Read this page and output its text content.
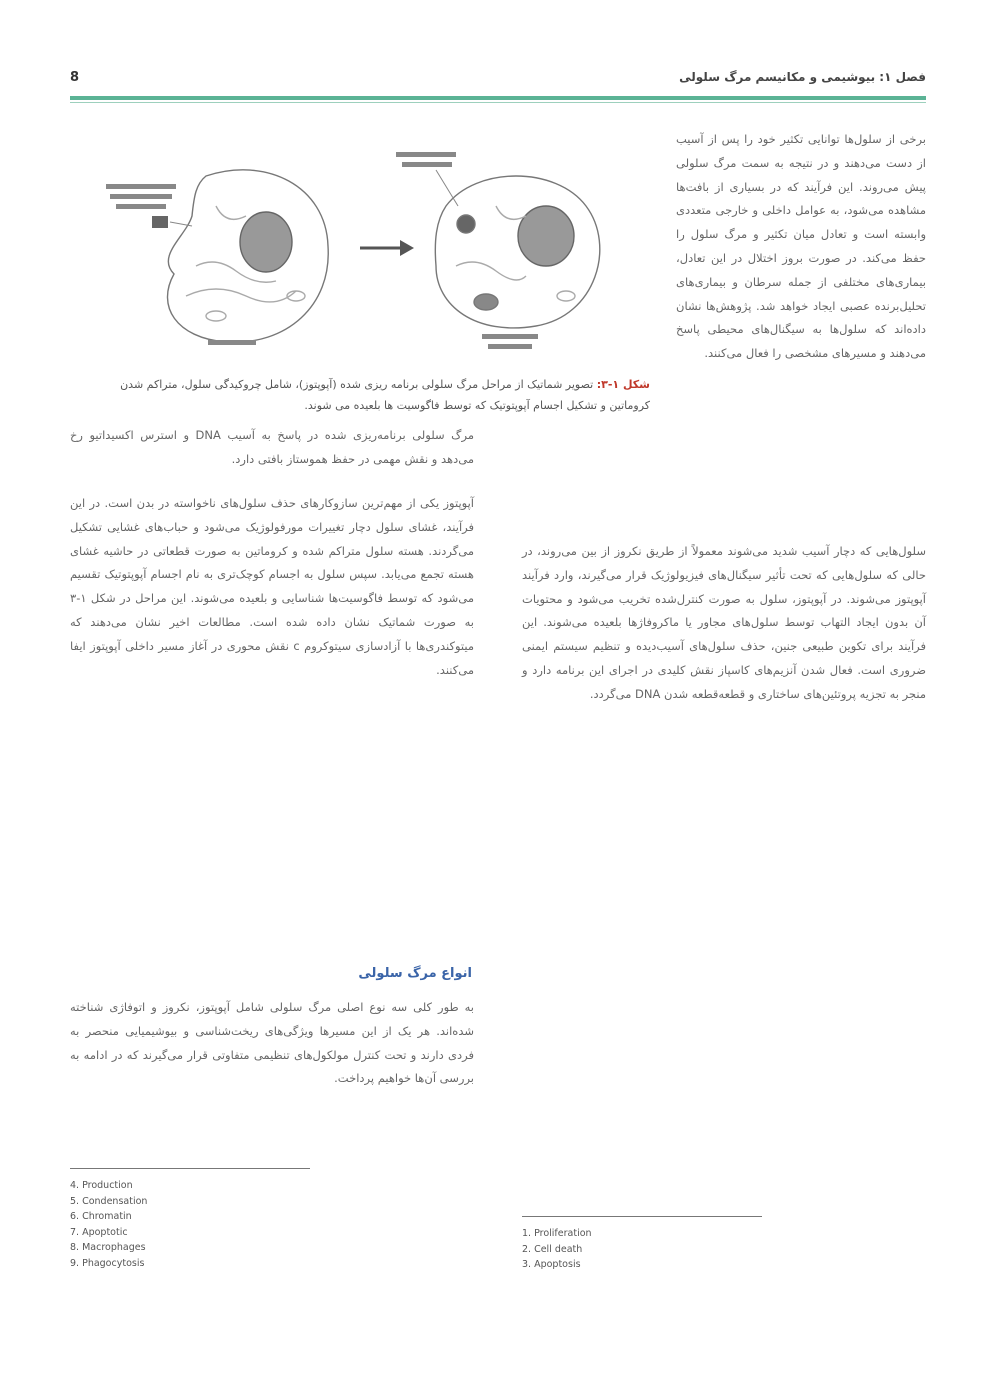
8	فصل ۱: بیوشیمی و مکانیسم مرگ سلولی
شکل ۱-۳: تصویر شماتیک از مراحل مرگ سلولی برنامه ریزی شده (آپوپتوز)، شامل چروکیدگی سلول، متراکم شدن کروماتین و تشکیل اجسام آپوپتوتیک که توسط فاگوسیت ها بلعیده می شوند.

برخی از سلول‌ها توانایی تکثیر خود را پس از آسیب از دست می‌دهند و در نتیجه به سمت مرگ سلولی پیش می‌روند. این فرآیند که در بسیاری از بافت‌ها مشاهده می‌شود، به عوامل داخلی و خارجی متعددی وابسته است و تعادل میان تکثیر و مرگ سلول را حفظ می‌کند. در صورت بروز اختلال در این تعادل، بیماری‌های مختلفی از جمله سرطان و بیماری‌های تحلیل‌برنده عصبی ایجاد خواهد شد. پژوهش‌ها نشان داده‌اند که سلول‌ها به سیگنال‌های محیطی پاسخ می‌دهند و مسیرهای مشخصی را فعال می‌کنند.

سلول‌هایی که دچار آسیب شدید می‌شوند معمولاً از طریق نکروز از بین می‌روند، در حالی که سلول‌هایی که تحت تأثیر سیگنال‌های فیزیولوژیک قرار می‌گیرند، وارد فرآیند آپوپتوز می‌شوند. در آپوپتوز، سلول به صورت کنترل‌شده تخریب می‌شود و محتویات آن بدون ایجاد التهاب توسط سلول‌های مجاور یا ماکروفاژها بلعیده می‌شوند. این فرآیند برای تکوین طبیعی جنین، حذف سلول‌های آسیب‌دیده و تنظیم سیستم ایمنی ضروری است. فعال شدن آنزیم‌های کاسپاز نقش کلیدی در اجرای این برنامه دارد و منجر به تجزیه پروتئین‌های ساختاری و قطعه‌قطعه شدن DNA می‌گردد.

مرگ سلولی برنامه‌ریزی شده در پاسخ به آسیب DNA و استرس اکسیداتیو رخ می‌دهد و نقش مهمی در حفظ هموستاز بافتی دارد.

آپوپتوز یکی از مهم‌ترین سازوکارهای حذف سلول‌های ناخواسته در بدن است. در این فرآیند، غشای سلول دچار تغییرات مورفولوژیک می‌شود و حباب‌های غشایی تشکیل می‌گردند. هسته سلول متراکم شده و کروماتین به صورت قطعاتی در حاشیه غشای هسته تجمع می‌یابد. سپس سلول به اجسام کوچک‌تری به نام اجسام آپوپتوتیک تقسیم می‌شود که توسط فاگوسیت‌ها شناسایی و بلعیده می‌شوند. این مراحل در شکل ۱-۳ به صورت شماتیک نشان داده شده است. مطالعات اخیر نشان می‌دهند که میتوکندری‌ها با آزادسازی سیتوکروم c نقش محوری در آغاز مسیر داخلی آپوپتوز ایفا می‌کنند.

انواع مرگ سلولی

به طور کلی سه نوع اصلی مرگ سلولی شامل آپوپتوز، نکروز و اتوفاژی شناخته شده‌اند. هر یک از این مسیرها ویژگی‌های ریخت‌شناسی و بیوشیمیایی منحصر به فردی دارند و تحت کنترل مولکول‌های تنظیمی متفاوتی قرار می‌گیرند که در ادامه به بررسی آن‌ها خواهیم پرداخت.

4. Production
5. Condensation
6. Chromatin
7. Apoptotic
8. Macrophages
9. Phagocytosis
1. Proliferation
2. Cell death
3. Apoptosis
